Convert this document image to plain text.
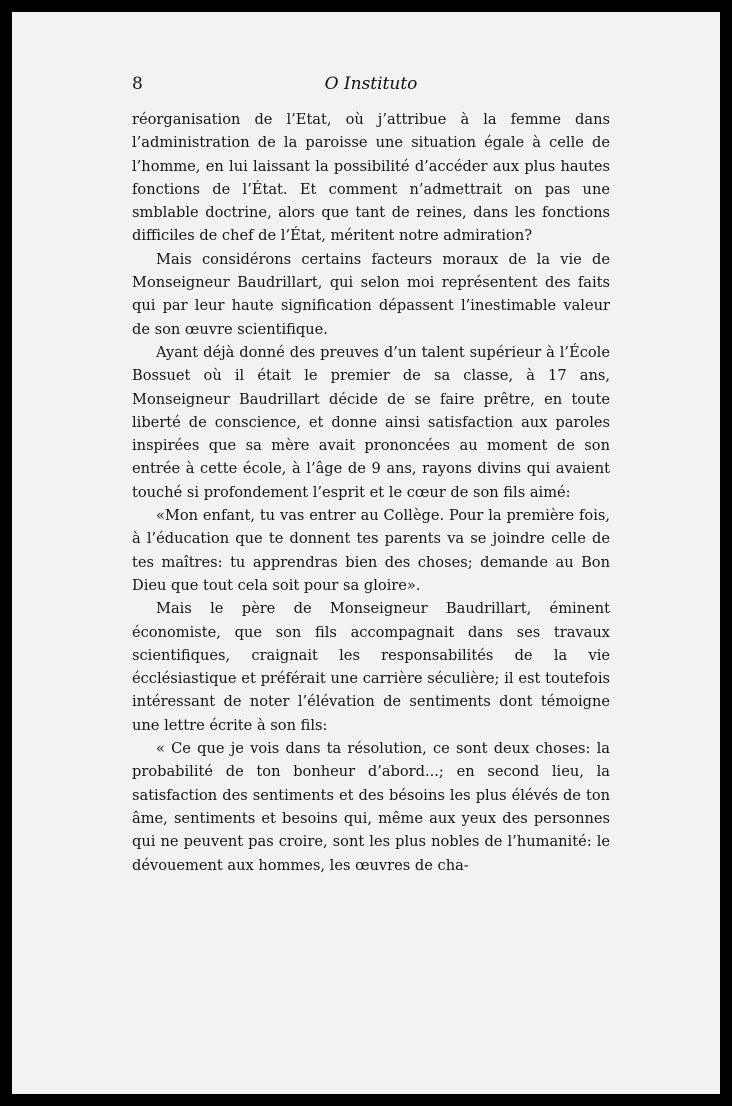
8	O Instituto

réorganisation de l’Etat, où j’attribue à la femme dans l’administration de la paroisse une situation égale à celle de l’homme, en lui laissant la possibilité d’accéder aux plus hautes fonctions de l’État. Et comment n’admettrait on pas une smblable doctrine, alors que tant de reines, dans les fonctions difficiles de chef de l’État, méritent notre admiration?

Mais considérons certains facteurs moraux de la vie de Monseigneur Baudrillart, qui selon moi représentent des faits qui par leur haute signification dépassent l’inestimable valeur de son œuvre scientifique.

Ayant déjà donné des preuves d’un talent supérieur à l’École Bossuet où il était le premier de sa classe, à 17 ans, Monseigneur Baudrillart décide de se faire prêtre, en toute liberté de conscience, et donne ainsi satisfaction aux paroles inspirées que sa mère avait prononcées au moment de son entrée à cette école, à l’âge de 9 ans, rayons divins qui avaient touché si profondement l’esprit et le cœur de son fils aimé:

«Mon enfant, tu vas entrer au Collège. Pour la première fois, à l’éducation que te donnent tes parents va se joindre celle de tes maîtres: tu apprendras bien des choses; demande au Bon Dieu que tout cela soit pour sa gloire».

Mais le père de Monseigneur Baudrillart, éminent économiste, que son fils accompagnait dans ses travaux scientifiques, craignait les responsabilités de la vie écclésiastique et préférait une carrière séculière; il est toutefois intéressant de noter l’élévation de sentiments dont témoigne une lettre écrite à son fils:

« Ce que je vois dans ta résolution, ce sont deux choses: la probabilité de ton bonheur d’abord...; en second lieu, la satisfaction des sentiments et des bésoins les plus élévés de ton âme, sentiments et besoins qui, même aux yeux des personnes qui ne peuvent pas croire, sont les plus nobles de l’humanité: le dévouement aux hommes, les œuvres de cha-
